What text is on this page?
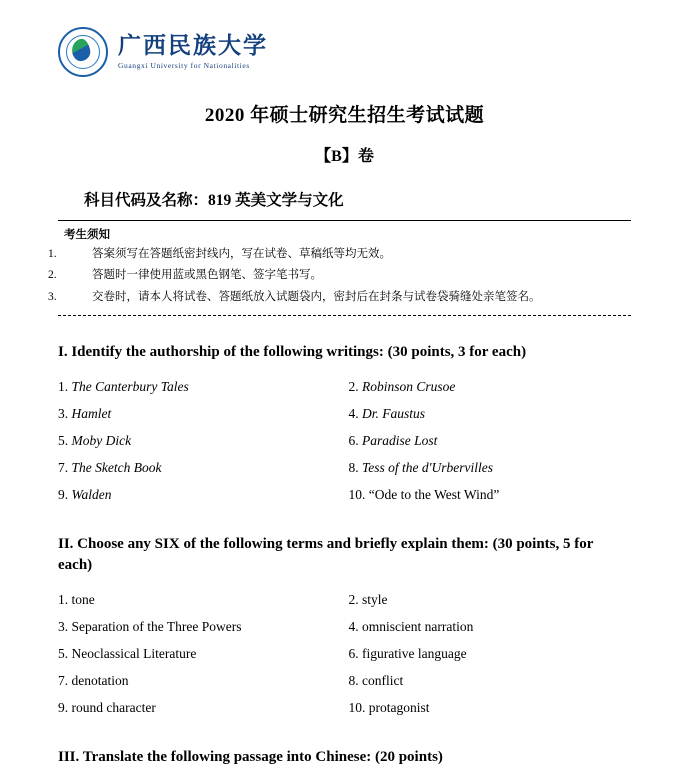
广西民族大学
Guangxi University for Nationalities
2020 年硕士研究生招生考试试题
【B】卷
科目代码及名称：819 英美文学与文化
考生须知
1.	答案须写在答题纸密封线内，写在试卷、草稿纸等均无效。
2.	答题时一律使用蓝或黑色钢笔、签字笔书写。
3.	交卷时，请本人将试卷、答题纸放入试题袋内，密封后在封条与试卷袋骑缝处亲笔签名。
I. Identify the authorship of the following writings: (30 points, 3 for each)
1. The Canterbury Tales	2. Robinson Crusoe
3. Hamlet	4. Dr. Faustus
5. Moby Dick	6. Paradise Lost
7. The Sketch Book	8. Tess of the d'Urbervilles
9. Walden	10. “Ode to the West Wind”
II. Choose any SIX of the following terms and briefly explain them: (30 points, 5 for each)
1. tone	2. style
3. Separation of the Three Powers	4. omniscient narration
5. Neoclassical Literature	6. figurative language
7. denotation	8. conflict
9. round character	10. protagonist
III. Translate the following passage into Chinese: (20 points)
